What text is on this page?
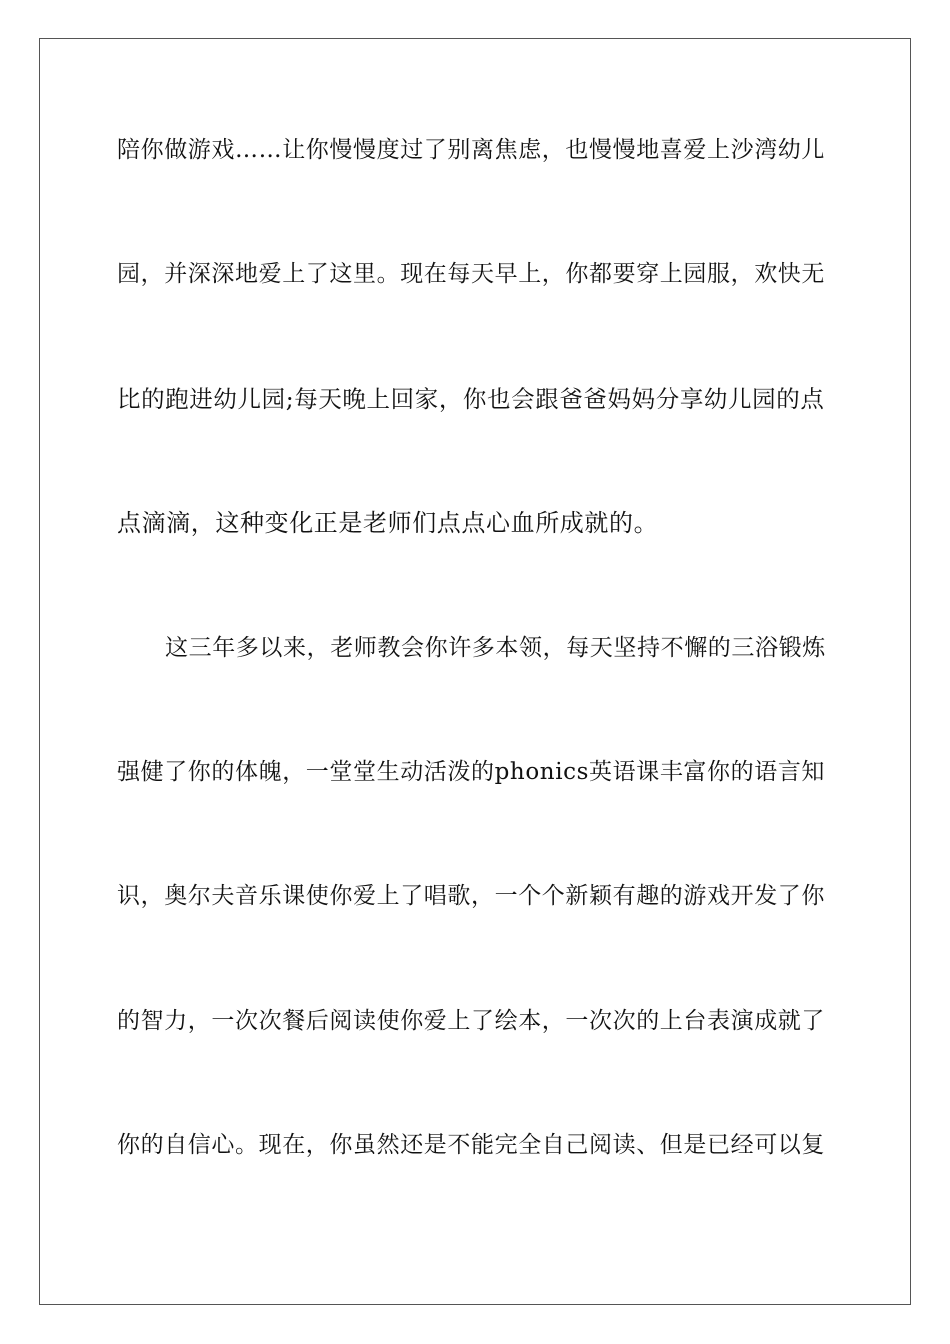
陪你做游戏……让你慢慢度过了别离焦虑，也慢慢地喜爱上沙湾幼儿
园，并深深地爱上了这里。现在每天早上，你都要穿上园服，欢快无
比的跑进幼儿园;每天晚上回家，你也会跟爸爸妈妈分享幼儿园的点
点滴滴，这种变化正是老师们点点心血所成就的。
这三年多以来，老师教会你许多本领，每天坚持不懈的三浴锻炼
强健了你的体魄，一堂堂生动活泼的phonics英语课丰富你的语言知
识，奥尔夫音乐课使你爱上了唱歌，一个个新颖有趣的游戏开发了你
的智力，一次次餐后阅读使你爱上了绘本，一次次的上台表演成就了
你的自信心。现在，你虽然还是不能完全自己阅读、但是已经可以复
